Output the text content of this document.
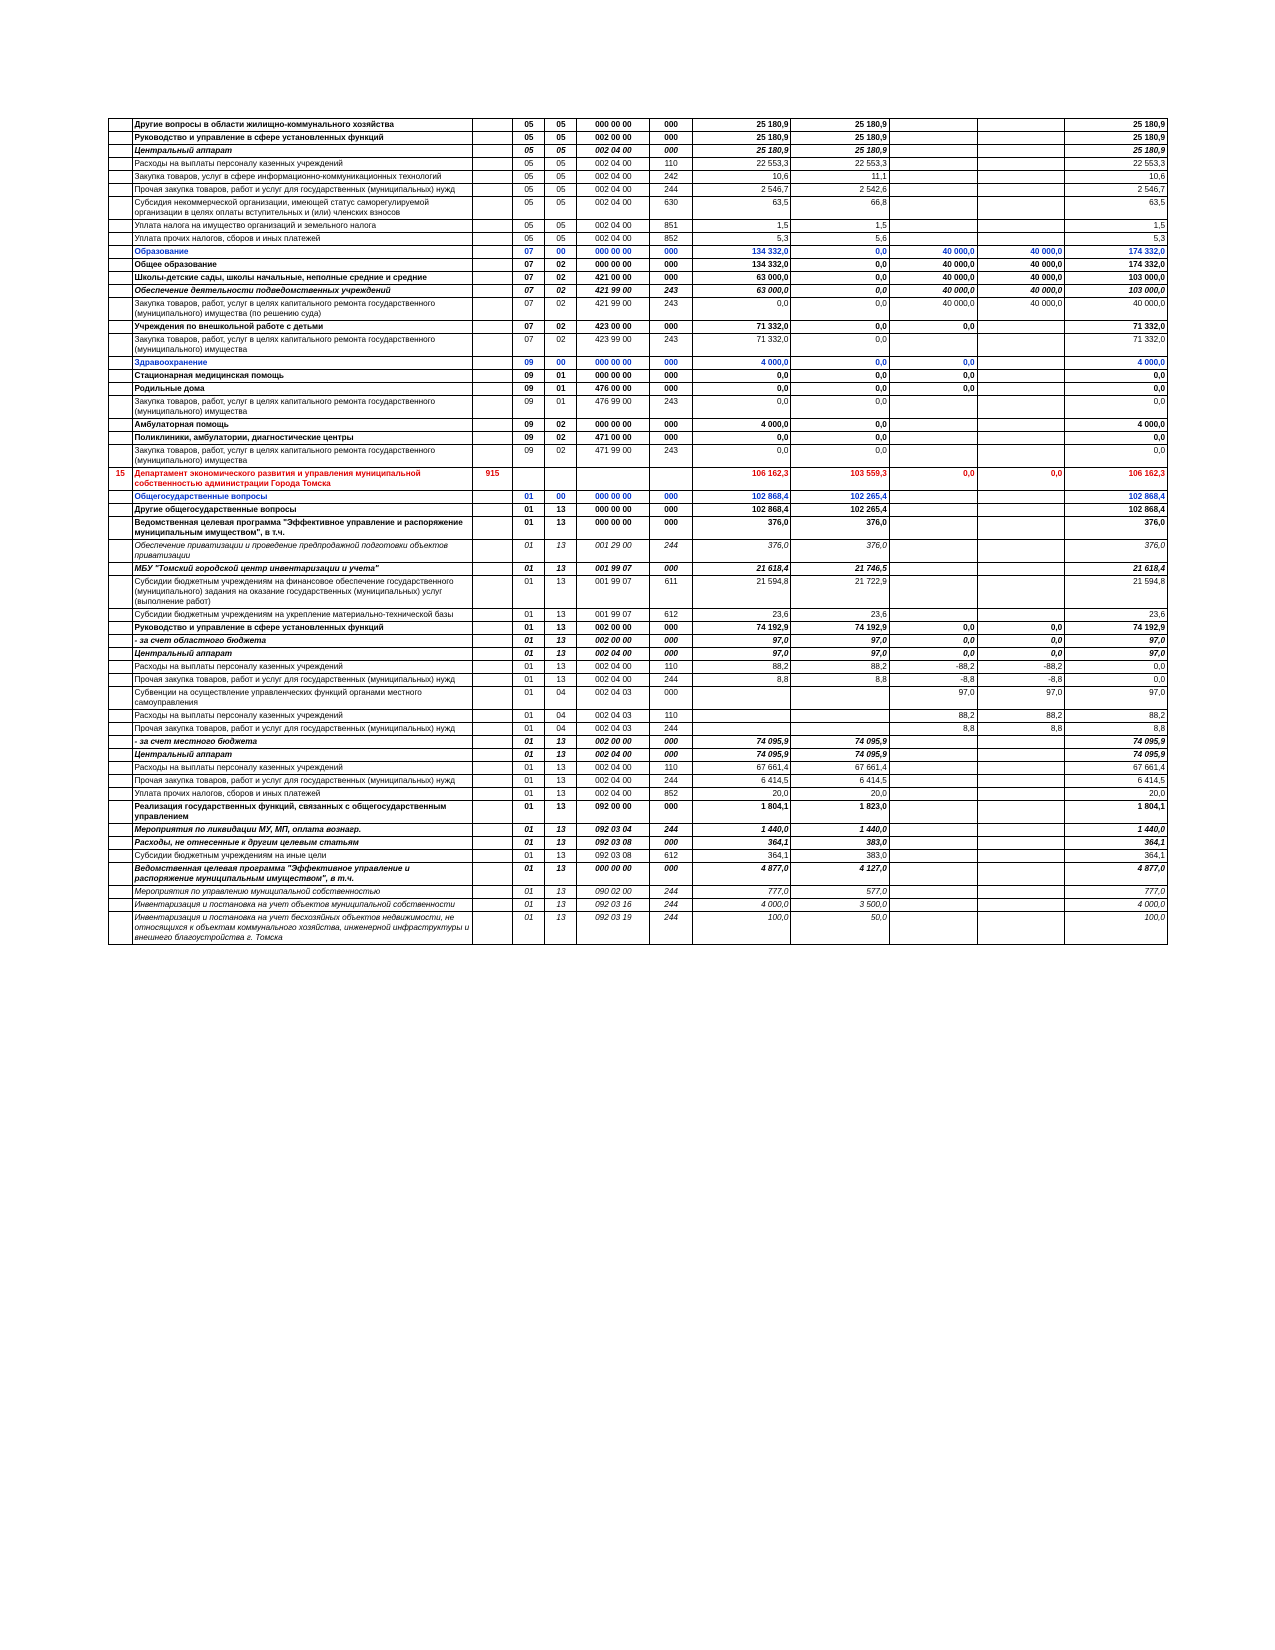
	Другие вопросы в области жилищно-коммунального хозяйства		05	05	000 00 00	000	25 180,9	25 180,9			25 180,9
	Руководство и управление в сфере установленных функций		05	05	002 00 00	000	25 180,9	25 180,9			25 180,9
	Центральный аппарат		05	05	002 04 00	000	25 180,9	25 180,9			25 180,9
	Расходы на выплаты персоналу казенных учреждений		05	05	002 04 00	110	22 553,3	22 553,3			22 553,3
	Закупка товаров, услуг в сфере информационно-коммуникационных технологий		05	05	002 04 00	242	10,6	11,1			10,6
	Прочая закупка товаров, работ и услуг для государственных (муниципальных) нужд		05	05	002 04 00	244	2 546,7	2 542,6			2 546,7
	Субсидия некоммерческой организации, имеющей статус саморегулируемой организации в целях оплаты вступительных и (или) членских взносов		05	05	002 04 00	630	63,5	66,8			63,5
	Уплата налога на имущество организаций и земельного налога		05	05	002 04 00	851	1,5	1,5			1,5
	Уплата прочих налогов, сборов и иных платежей		05	05	002 04 00	852	5,3	5,6			5,3
	Образование		07	00	000 00 00	000	134 332,0	0,0	40 000,0	40 000,0	174 332,0
	Общее образование		07	02	000 00 00	000	134 332,0	0,0	40 000,0	40 000,0	174 332,0
	Школы-детские сады, школы начальные, неполные средние и средние		07	02	421 00 00	000	63 000,0	0,0	40 000,0	40 000,0	103 000,0
	Обеспечение деятельности подведомственных учреждений		07	02	421 99 00	243	63 000,0	0,0	40 000,0	40 000,0	103 000,0
	Закупка товаров, работ, услуг в целях капитального ремонта государственного (муниципального) имущества (по решению суда)		07	02	421 99 00	243	0,0	0,0	40 000,0	40 000,0	40 000,0
	Учреждения по внешкольной работе с детьми		07	02	423 00 00	000	71 332,0	0,0	0,0		71 332,0
	Закупка товаров, работ, услуг в целях капитального ремонта государственного (муниципального) имущества		07	02	423 99 00	243	71 332,0	0,0			71 332,0
	Здравоохранение		09	00	000 00 00	000	4 000,0	0,0	0,0		4 000,0
	Стационарная медицинская помощь		09	01	000 00 00	000	0,0	0,0	0,0		0,0
	Родильные дома		09	01	476 00 00	000	0,0	0,0	0,0		0,0
	Закупка товаров, работ, услуг в целях капитального ремонта государственного (муниципального) имущества		09	01	476 99 00	243	0,0	0,0			0,0
	Амбулаторная помощь		09	02	000 00 00	000	4 000,0	0,0			4 000,0
	Поликлиники, амбулатории, диагностические центры		09	02	471 00 00	000	0,0	0,0			0,0
	Закупка товаров, работ, услуг в целях капитального ремонта государственного (муниципального) имущества		09	02	471 99 00	243	0,0	0,0			0,0
15	Департамент экономического развития и управления муниципальной собственностью администрации Города Томска	915					106 162,3	103 559,3	0,0	0,0	106 162,3
	Общегосударственные вопросы		01	00	000 00 00	000	102 868,4	102 265,4			102 868,4
	Другие общегосударственные вопросы		01	13	000 00 00	000	102 868,4	102 265,4			102 868,4
	Ведомственная целевая программа "Эффективное управление и распоряжение муниципальным имуществом", в т.ч.		01	13	000 00 00	000	376,0	376,0			376,0
	Обеспечение приватизации и проведение предпродажной подготовки объектов приватизации		01	13	001 29 00	244	376,0	376,0			376,0
	МБУ "Томский городской центр инвентаризации и учета"		01	13	001 99 07	000	21 618,4	21 746,5			21 618,4
	Субсидии бюджетным учреждениям на финансовое обеспечение государственного (муниципального) задания на оказание государственных (муниципальных) услуг (выполнение работ)		01	13	001 99 07	611	21 594,8	21 722,9			21 594,8
	Субсидии бюджетным учреждениям на укрепление материально-технической базы		01	13	001 99 07	612	23,6	23,6			23,6
	Руководство и управление в сфере установленных функций		01	13	002 00 00	000	74 192,9	74 192,9	0,0	0,0	74 192,9
	- за счет областного бюджета		01	13	002 00 00	000	97,0	97,0	0,0	0,0	97,0
	Центральный аппарат		01	13	002 04 00	000	97,0	97,0	0,0	0,0	97,0
	Расходы на выплаты персоналу казенных учреждений		01	13	002 04 00	110	88,2	88,2	-88,2	-88,2	0,0
	Прочая закупка товаров, работ и услуг для государственных (муниципальных) нужд		01	13	002 04 00	244	8,8	8,8	-8,8	-8,8	0,0
	Субвенции на осуществление управленческих функций органами местного самоуправления		01	04	002 04 03	000			97,0	97,0	97,0
	Расходы на выплаты персоналу казенных учреждений		01	04	002 04 03	110			88,2	88,2	88,2
	Прочая закупка товаров, работ и услуг для государственных (муниципальных) нужд		01	04	002 04 03	244			8,8	8,8	8,8
	- за счет местного бюджета		01	13	002 00 00	000	74 095,9	74 095,9			74 095,9
	Центральный аппарат		01	13	002 04 00	000	74 095,9	74 095,9			74 095,9
	Расходы на выплаты персоналу казенных учреждений		01	13	002 04 00	110	67 661,4	67 661,4			67 661,4
	Прочая закупка товаров, работ и услуг для государственных (муниципальных) нужд		01	13	002 04 00	244	6 414,5	6 414,5			6 414,5
	Уплата прочих налогов, сборов и иных платежей		01	13	002 04 00	852	20,0	20,0			20,0
	Реализация государственных функций, связанных с общегосударственным управлением		01	13	092 00 00	000	1 804,1	1 823,0			1 804,1
	Мероприятия по ликвидации МУ, МП, оплата вознагр.		01	13	092 03 04	244	1 440,0	1 440,0			1 440,0
	Расходы, не отнесенные к другим целевым статьям		01	13	092 03 08	000	364,1	383,0			364,1
	Субсидии бюджетным учреждениям на иные цели		01	13	092 03 08	612	364,1	383,0			364,1
	Ведомственная целевая программа "Эффективное управление и распоряжение муниципальным имуществом", в т.ч.		01	13	000 00 00	000	4 877,0	4 127,0			4 877,0
	Мероприятия по управлению муниципальной собственностью		01	13	090 02 00	244	777,0	577,0			777,0
	Инвентаризация и постановка на учет объектов муниципальной собственности		01	13	092 03 16	244	4 000,0	3 500,0			4 000,0
	Инвентаризация и постановка на учет бесхозяйных объектов недвижимости, не относящихся к объектам коммунального хозяйства, инженерной инфраструктуры и внешнего благоустройства г. Томска		01	13	092 03 19	244	100,0	50,0			100,0
